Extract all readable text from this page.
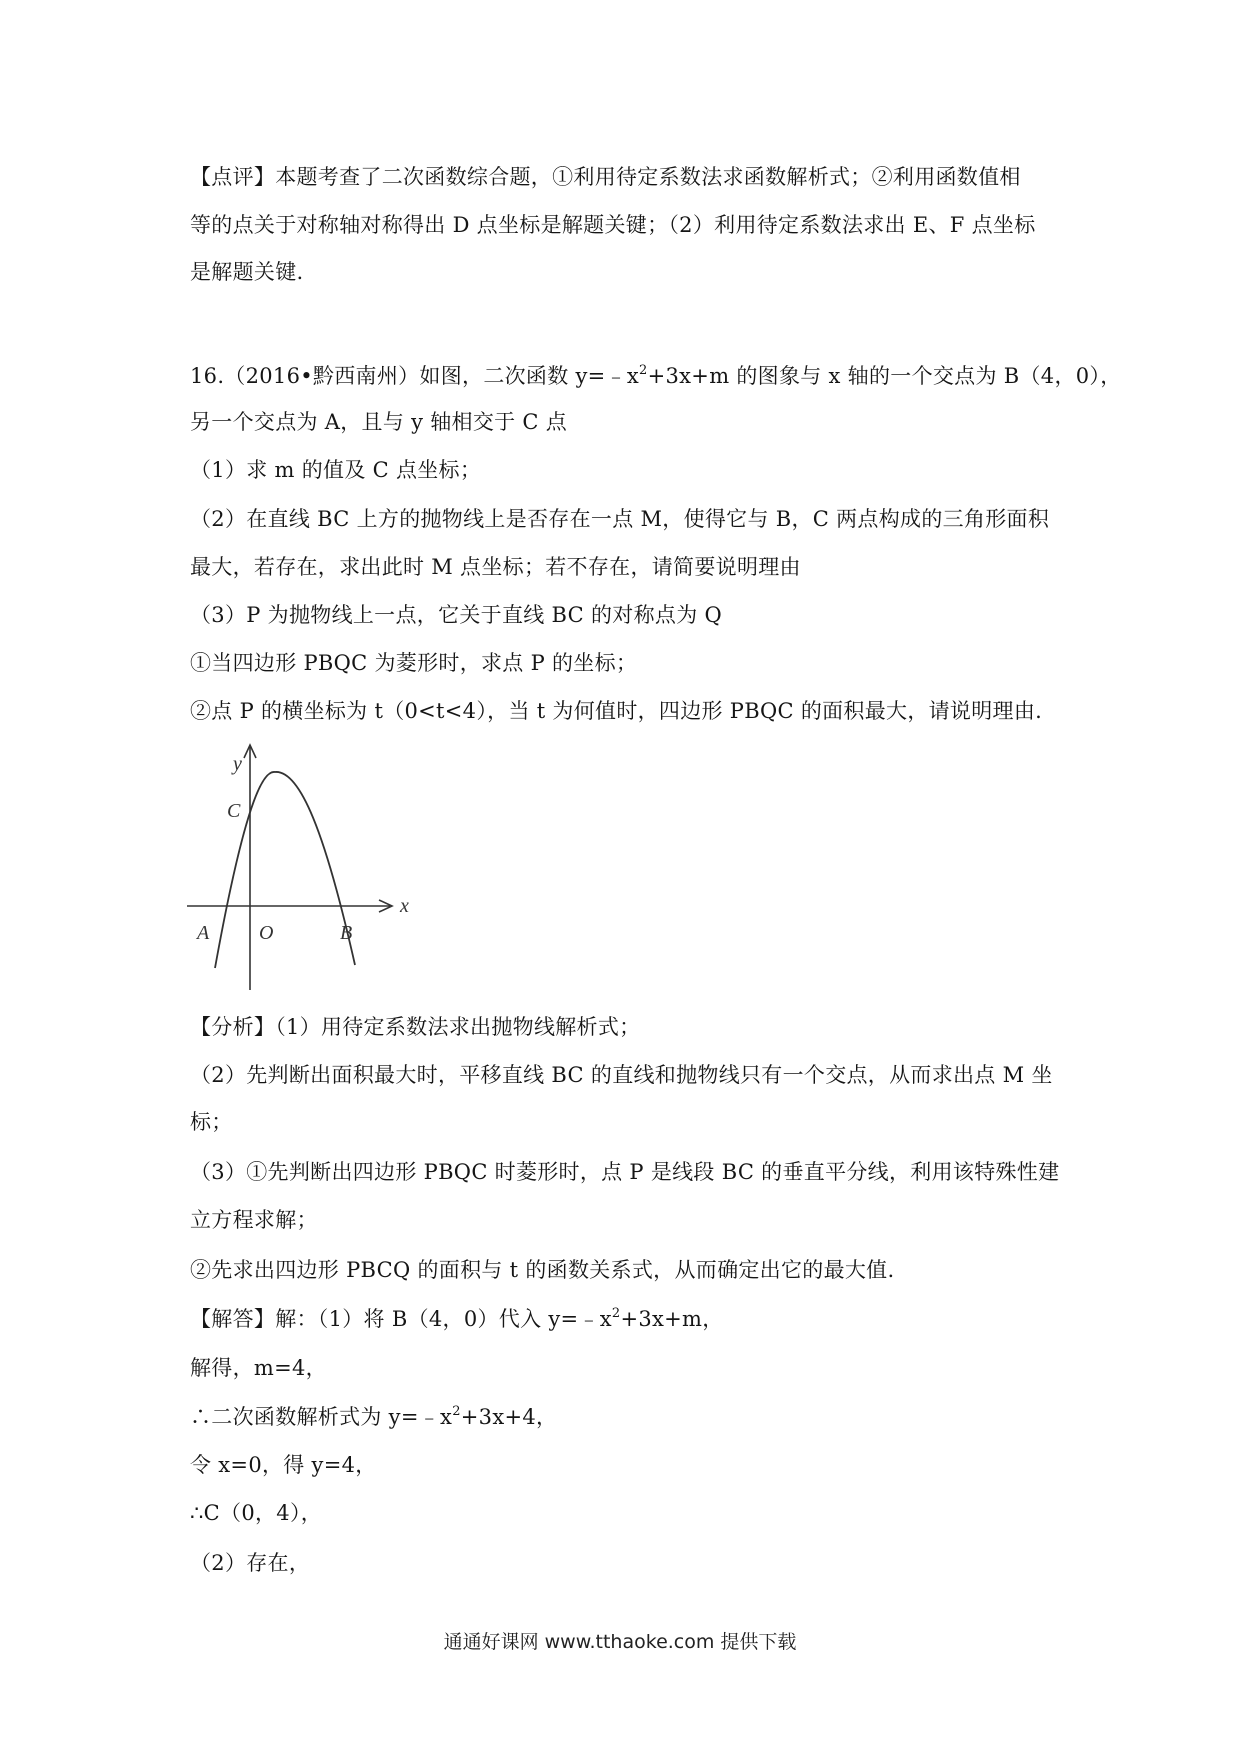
【点评】本题考查了二次函数综合题，①利用待定系数法求函数解析式；②利用函数值相
等的点关于对称轴对称得出 D 点坐标是解题关键；（2）利用待定系数法求出 E、F 点坐标
是解题关键.
16.（2016•黔西南州）如图，二次函数 $y=﹣x^2+3x+m$ 的图象与 x 轴的一个交点为 B（4，0），
另一个交点为 A，且与 y 轴相交于 C 点
（1）求 m 的值及 C 点坐标；
（2）在直线 BC 上方的抛物线上是否存在一点 M，使得它与 B，C 两点构成的三角形面积
最大，若存在，求出此时 M 点坐标；若不存在，请简要说明理由
（3）P 为抛物线上一点，它关于直线 BC 的对称点为 Q
①当四边形 PBQC 为菱形时，求点 P 的坐标；
②点 P 的横坐标为 t（0<t<4），当 t 为何值时，四边形 PBQC 的面积最大，请说明理由.
y
x
C
A O	B
【分析】（1）用待定系数法求出抛物线解析式；
（2）先判断出面积最大时，平移直线 BC 的直线和抛物线只有一个交点，从而求出点 M 坐
标；
（3）①先判断出四边形 PBQC 时菱形时，点 P 是线段 BC 的垂直平分线，利用该特殊性建
立方程求解；
②先求出四边形 PBCQ 的面积与 t 的函数关系式，从而确定出它的最大值.
【解答】解：（1）将 B（4，0）代入 $y=﹣x^2+3x+m$，
解得，m=4，
∴二次函数解析式为 $y=﹣x^2+3x+4$，
令 x=0，得 y=4，
∴C（0，4），
（2）存在，
通通好课网 www.tthaoke.com 提供下载
